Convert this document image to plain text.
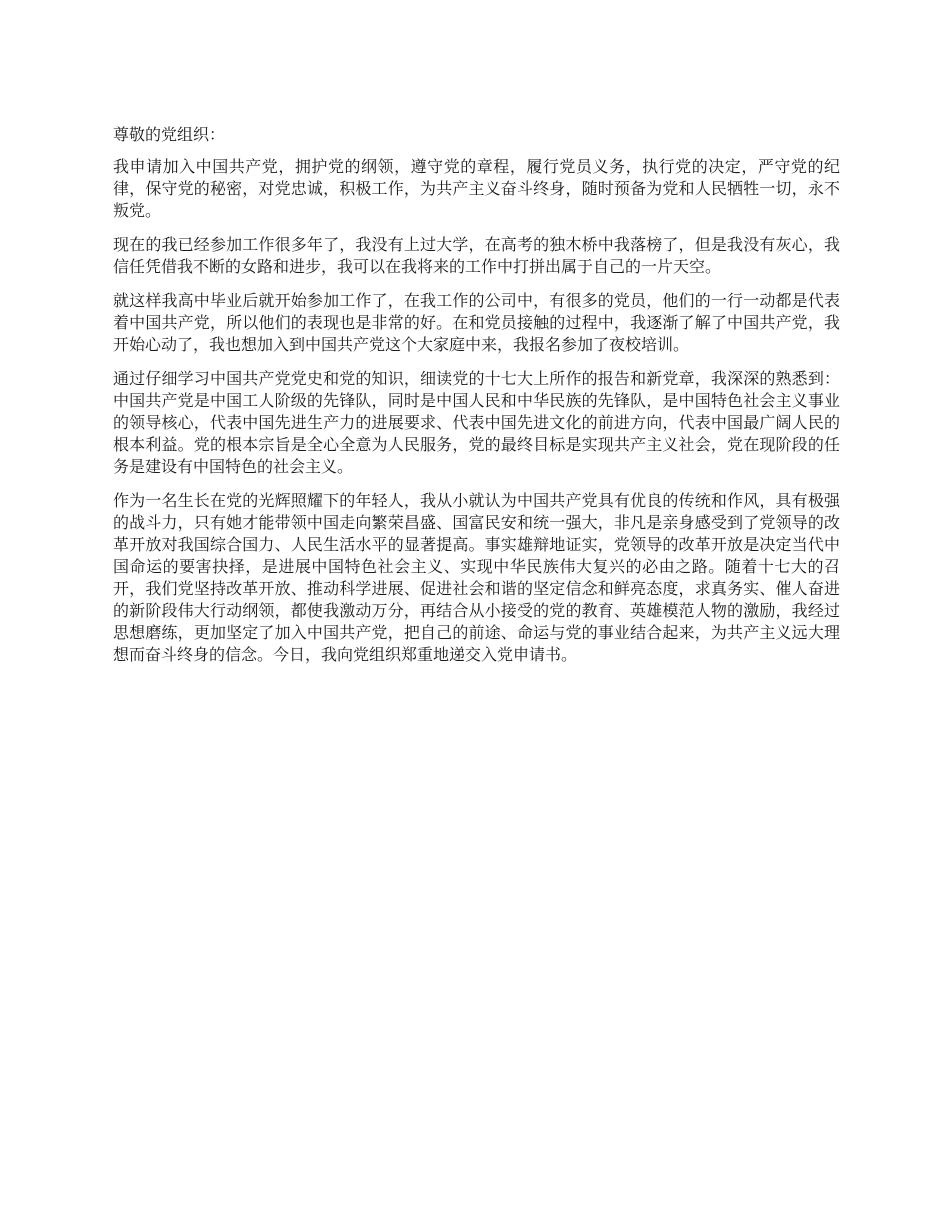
尊敬的党组织：

我申请加入中国共产党，拥护党的纲领，遵守党的章程，履行党员义务，执行党的决定，严守党的纪律，保守党的秘密，对党忠诚，积极工作，为共产主义奋斗终身，随时预备为党和人民牺牲一切，永不叛党。

现在的我已经参加工作很多年了，我没有上过大学，在高考的独木桥中我落榜了，但是我没有灰心，我信任凭借我不断的女路和进步，我可以在我将来的工作中打拼出属于自己的一片天空。

就这样我高中毕业后就开始参加工作了，在我工作的公司中，有很多的党员，他们的一行一动都是代表着中国共产党，所以他们的表现也是非常的好。在和党员接触的过程中，我逐渐了解了中国共产党，我开始心动了，我也想加入到中国共产党这个大家庭中来，我报名参加了夜校培训。

通过仔细学习中国共产党党史和党的知识，细读党的十七大上所作的报告和新党章，我深深的熟悉到：中国共产党是中国工人阶级的先锋队，同时是中国人民和中华民族的先锋队，是中国特色社会主义事业的领导核心，代表中国先进生产力的进展要求、代表中国先进文化的前进方向，代表中国最广阔人民的根本利益。党的根本宗旨是全心全意为人民服务，党的最终目标是实现共产主义社会，党在现阶段的任务是建设有中国特色的社会主义。

作为一名生长在党的光辉照耀下的年轻人，我从小就认为中国共产党具有优良的传统和作风，具有极强的战斗力，只有她才能带领中国走向繁荣昌盛、国富民安和统一强大，非凡是亲身感受到了党领导的改革开放对我国综合国力、人民生活水平的显著提高。事实雄辩地证实，党领导的改革开放是决定当代中国命运的要害抉择，是进展中国特色社会主义、实现中华民族伟大复兴的必由之路。随着十七大的召开，我们党坚持改革开放、推动科学进展、促进社会和谐的坚定信念和鲜亮态度，求真务实、催人奋进的新阶段伟大行动纲领，都使我激动万分，再结合从小接受的党的教育、英雄模范人物的激励，我经过思想磨练，更加坚定了加入中国共产党，把自己的前途、命运与党的事业结合起来，为共产主义远大理想而奋斗终身的信念。今日，我向党组织郑重地递交入党申请书。
